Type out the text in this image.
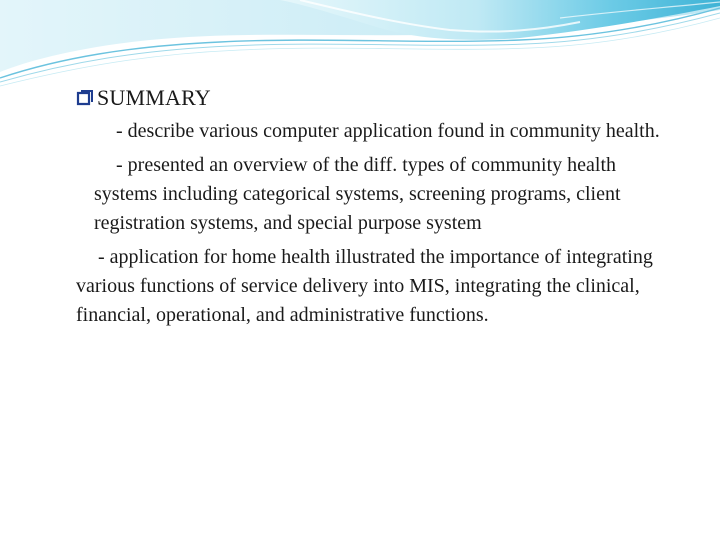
SUMMARY
- describe various computer application found in community health.
- presented an overview of the diff. types of community health systems including categorical systems, screening programs, client registration systems, and special purpose system
- application for home health illustrated the importance of integrating various functions of service delivery into MIS, integrating the clinical, financial, operational, and administrative functions.
